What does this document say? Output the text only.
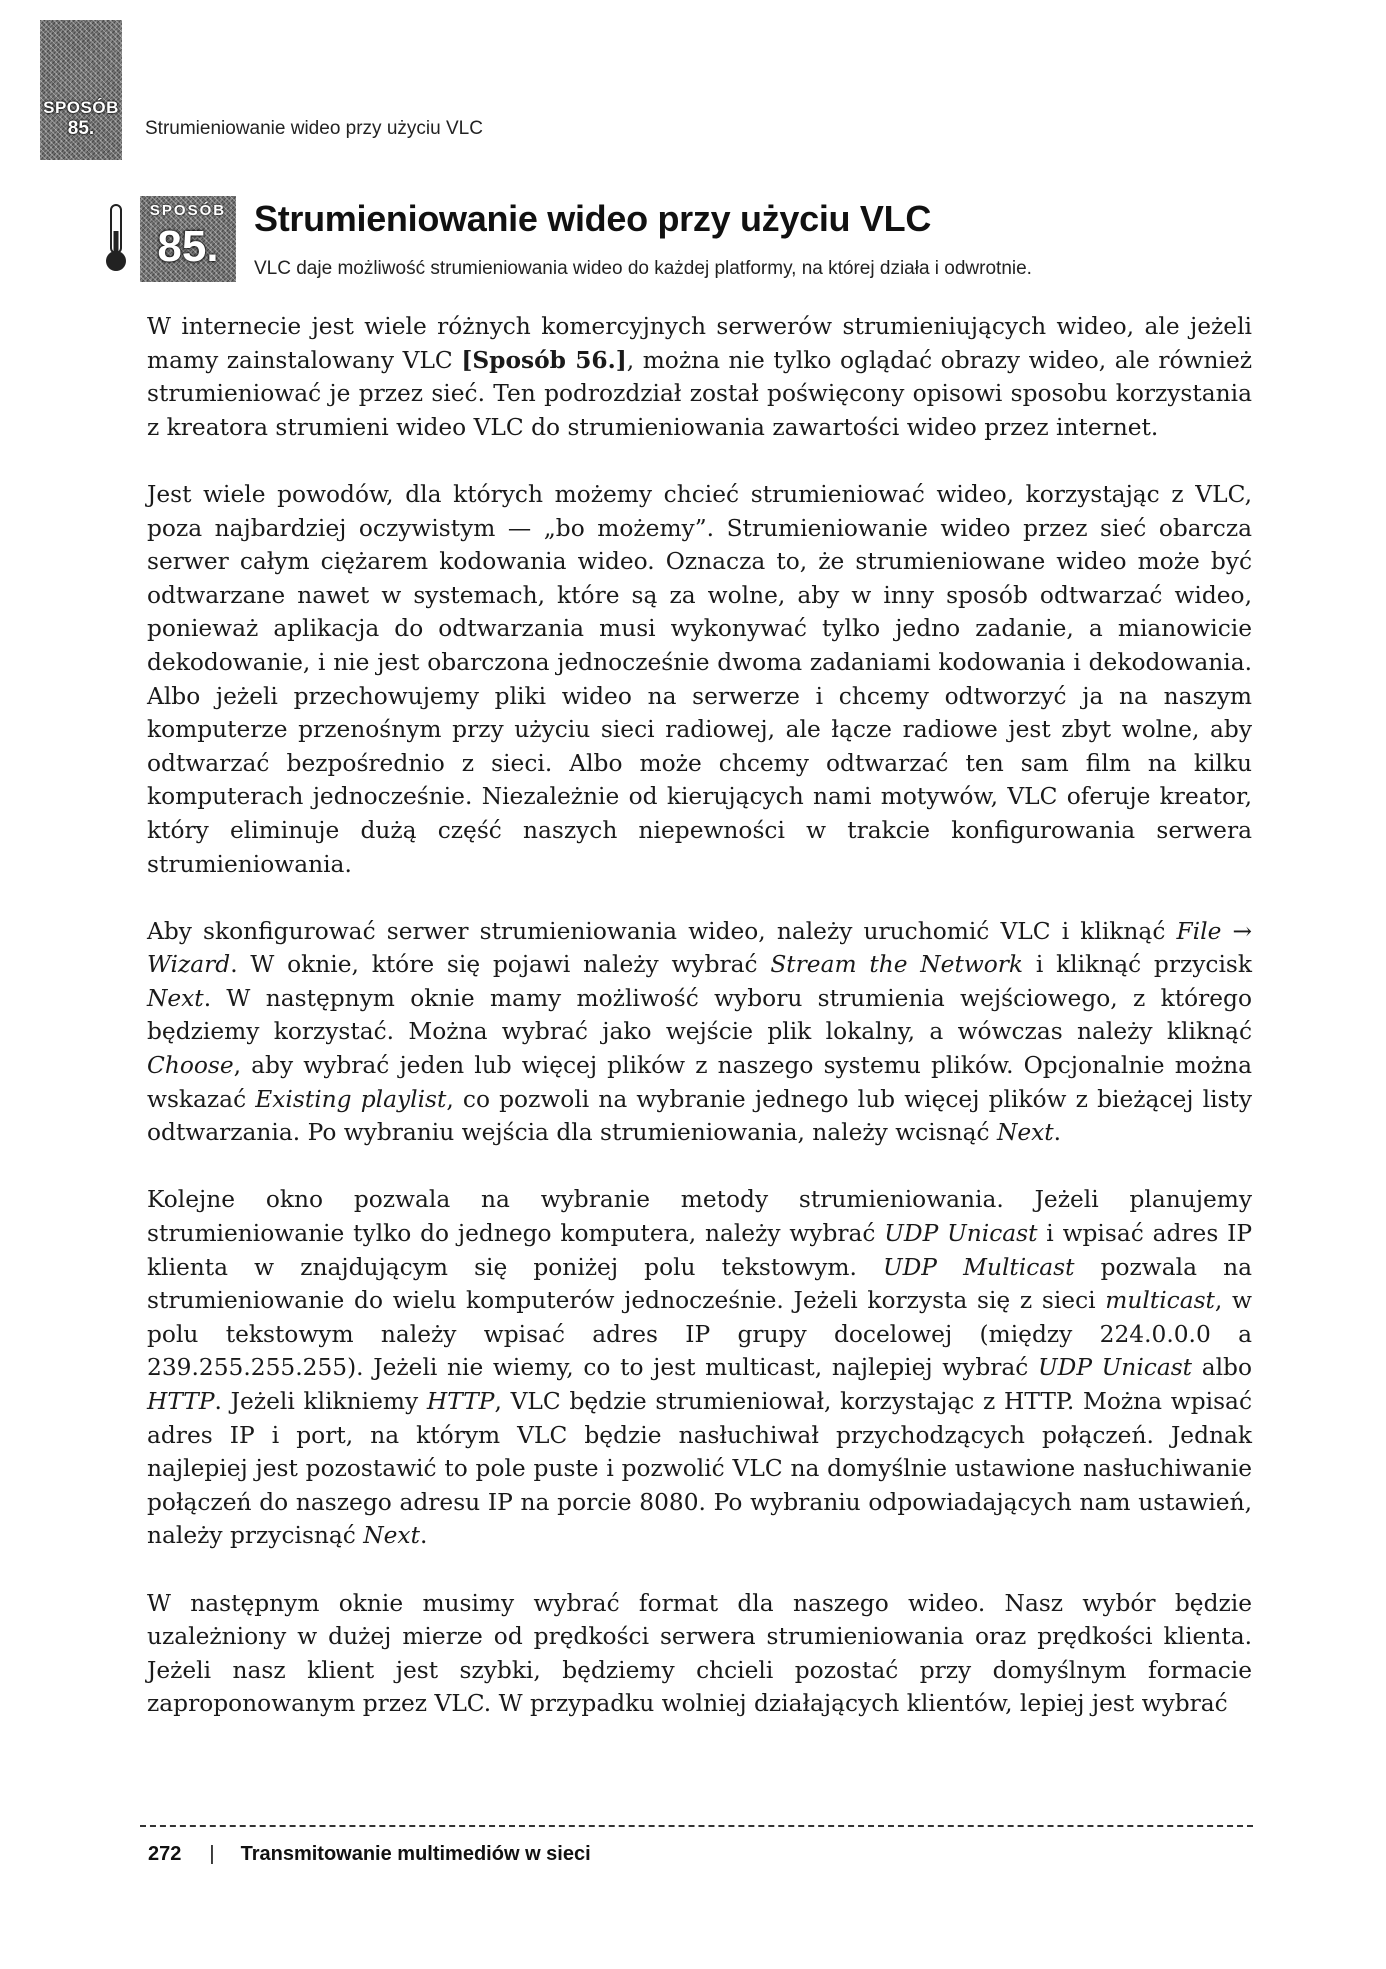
SPOSÓB
85.	Strumieniowanie wideo przy użyciu VLC
SPOSÓB
85.
Strumieniowanie wideo przy użyciu VLC
VLC daje możliwość strumieniowania wideo do każdej platformy, na której działa i odwrotnie.

W internecie jest wiele różnych komercyjnych serwerów strumieniujących wideo, ale jeżeli mamy zainstalowany VLC [Sposób 56.], można nie tylko oglądać obrazy wideo, ale również strumieniować je przez sieć. Ten podrozdział został poświęcony opisowi sposobu korzystania z kreatora strumieni wideo VLC do strumieniowania zawartości wideo przez internet.

Jest wiele powodów, dla których możemy chcieć strumieniować wideo, korzystając z VLC, poza najbardziej oczywistym — „bo możemy”. Strumieniowanie wideo przez sieć obarcza serwer całym ciężarem kodowania wideo. Oznacza to, że strumieniowane wideo może być odtwarzane nawet w systemach, które są za wolne, aby w inny sposób odtwarzać wideo, ponieważ aplikacja do odtwarzania musi wykonywać tylko jedno zadanie, a mianowicie dekodowanie, i nie jest obarczona jednocześnie dwoma zadaniami kodowania i dekodowania. Albo jeżeli przechowujemy pliki wideo na serwerze i chcemy odtworzyć ja na naszym komputerze przenośnym przy użyciu sieci radiowej, ale łącze radiowe jest zbyt wolne, aby odtwarzać bezpośrednio z sieci. Albo może chcemy odtwarzać ten sam film na kilku komputerach jednocześnie. Niezależnie od kierujących nami motywów, VLC oferuje kreator, który eliminuje dużą część naszych niepewności w trakcie konfigurowania serwera strumieniowania.

Aby skonfigurować serwer strumieniowania wideo, należy uruchomić VLC i kliknąć File → Wizard. W oknie, które się pojawi należy wybrać Stream the Network i kliknąć przycisk Next. W następnym oknie mamy możliwość wyboru strumienia wejściowego, z którego będziemy korzystać. Można wybrać jako wejście plik lokalny, a wówczas należy kliknąć Choose, aby wybrać jeden lub więcej plików z naszego systemu plików. Opcjonalnie można wskazać Existing playlist, co pozwoli na wybranie jednego lub więcej plików z bieżącej listy odtwarzania. Po wybraniu wejścia dla strumieniowania, należy wcisnąć Next.

Kolejne okno pozwala na wybranie metody strumieniowania. Jeżeli planujemy strumieniowanie tylko do jednego komputera, należy wybrać UDP Unicast i wpisać adres IP klienta w znajdującym się poniżej polu tekstowym. UDP Multicast pozwala na strumieniowanie do wielu komputerów jednocześnie. Jeżeli korzysta się z sieci multicast, w polu tekstowym należy wpisać adres IP grupy docelowej (między 224.0.0.0 a 239.255.255.255). Jeżeli nie wiemy, co to jest multicast, najlepiej wybrać UDP Unicast albo HTTP. Jeżeli klikniemy HTTP, VLC będzie strumieniował, korzystając z HTTP. Można wpisać adres IP i port, na którym VLC będzie nasłuchiwał przychodzących połączeń. Jednak najlepiej jest pozostawić to pole puste i pozwolić VLC na domyślnie ustawione nasłuchiwanie połączeń do naszego adresu IP na porcie 8080. Po wybraniu odpowiadających nam ustawień, należy przycisnąć Next.

W następnym oknie musimy wybrać format dla naszego wideo. Nasz wybór będzie uzależniony w dużej mierze od prędkości serwera strumieniowania oraz prędkości klienta. Jeżeli nasz klient jest szybki, będziemy chcieli pozostać przy domyślnym formacie zaproponowanym przez VLC. W przypadku wolniej działających klientów, lepiej jest wybrać

272 | Transmitowanie multimediów w sieci
